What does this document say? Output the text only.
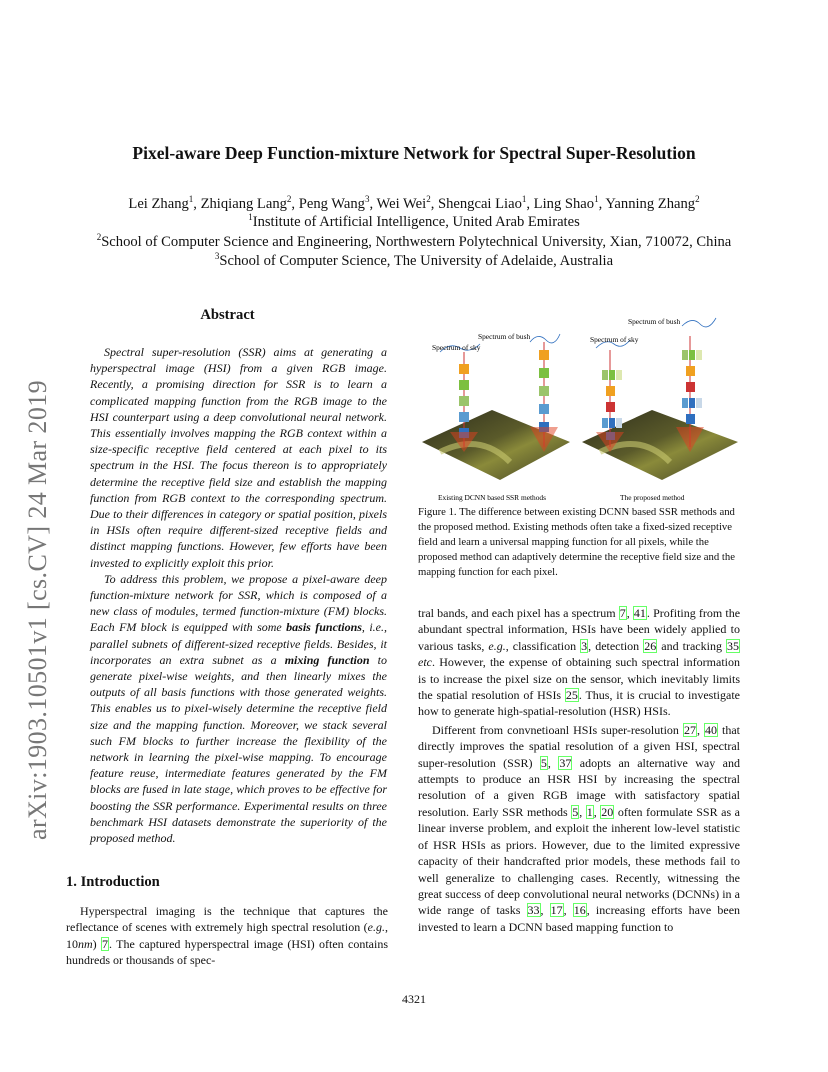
Pixel-aware Deep Function-mixture Network for Spectral Super-Resolution
Lei Zhang$^1$, Zhiqiang Lang$^2$, Peng Wang$^3$, Wei Wei$^2$, Shengcai Liao$^1$, Ling Shao$^1$, Yanning Zhang$^2$
$^1$Institute of Artificial Intelligence, United Arab Emirates
$^2$School of Computer Science and Engineering, Northwestern Polytechnical University, Xian, 710072, China
$^3$School of Computer Science, The University of Adelaide, Australia
arXiv:1903.10501v1 [cs.CV] 24 Mar 2019
Abstract

Spectral super-resolution (SSR) aims at generating a hyperspectral image (HSI) from a given RGB image. Recently, a promising direction for SSR is to learn a complicated mapping function from the RGB image to the HSI counterpart using a deep convolutional neural network. This essentially involves mapping the RGB context within a size-specific receptive field centered at each pixel to its spectrum in the HSI. The focus thereon is to appropriately determine the receptive field size and establish the mapping function from RGB context to the corresponding spectrum. Due to their differences in category or spatial position, pixels in HSIs often require different-sized receptive fields and distinct mapping functions. However, few efforts have been invested to explicitly exploit this prior.

To address this problem, we propose a pixel-aware deep function-mixture network for SSR, which is composed of a new class of modules, termed function-mixture (FM) blocks. Each FM block is equipped with some basis functions, i.e., parallel subnets of different-sized receptive fields. Besides, it incorporates an extra subnet as a mixing function to generate pixel-wise weights, and then linearly mixes the outputs of all basis functions with those generated weights. This enables us to pixel-wisely determine the receptive field size and the mapping function. Moreover, we stack several such FM blocks to further increase the flexibility of the network in learning the pixel-wise mapping. To encourage feature reuse, intermediate features generated by the FM blocks are fused in late stage, which proves to be effective for boosting the SSR performance. Experimental results on three benchmark HSI datasets demonstrate the superiority of the proposed method.

1. Introduction

Hyperspectral imaging is the technique that captures the reflectance of scenes with extremely high spectral resolution (e.g., 10nm) 7. The captured hyperspectral image (HSI) often contains hundreds or thousands of spec-

Spectrum of sky
Spectrum of bush	Spectrum of sky
Spectrum of bush
Existing DCNN based SSR methods	The proposed method
Figure 1. The difference between existing DCNN based SSR methods and the proposed method. Existing methods often take a fixed-sized receptive field and learn a universal mapping function for all pixels, while the proposed method can adaptively determine the receptive field size and the mapping function for each pixel.

tral bands, and each pixel has a spectrum 7, 41. Profiting from the abundant spectral information, HSIs have been widely applied to various tasks, e.g., classification 3, detection 26 and tracking 35 etc. However, the expense of obtaining such spectral information is to increase the pixel size on the sensor, which inevitably limits the spatial resolution of HSIs 25. Thus, it is crucial to investigate how to generate high-spatial-resolution (HSR) HSIs.

Different from convnetioanl HSIs super-resolution 27, 40 that directly improves the spatial resolution of a given HSI, spectral super-resolution (SSR) 5, 37 adopts an alternative way and attempts to produce an HSR HSI by increasing the spectral resolution of a given RGB image with satisfactory spatial resolution. Early SSR methods 5, 1, 20 often formulate SSR as a linear inverse problem, and exploit the inherent low-level statistic of HSR HSIs as priors. However, due to the limited expressive capacity of their handcrafted prior models, these methods fail to well generalize to challenging cases. Recently, witnessing the great success of deep convolutional neural networks (DCNNs) in a wide range of tasks 33, 17, 16, increasing efforts have been invested to learn a DCNN based mapping function to

4321
